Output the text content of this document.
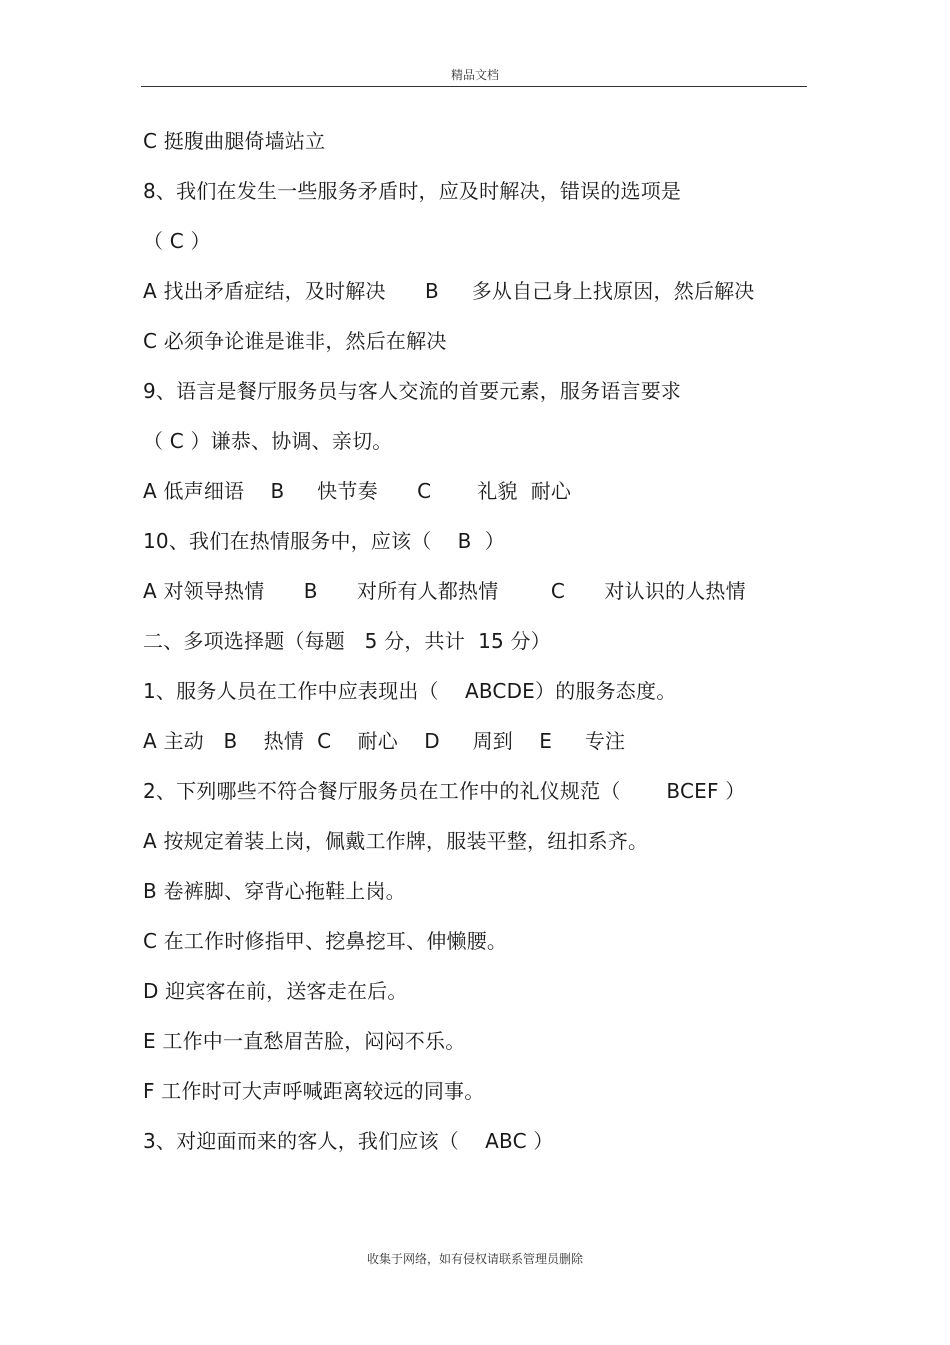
精品文档
C 挺腹曲腿倚墙站立
8、我们在发生一些服务矛盾时，应及时解决，错误的选项是
（ C ）
A 找出矛盾症结，及时解决      B     多从自己身上找原因，然后解决
C 必须争论谁是谁非，然后在解决
9、语言是餐厅服务员与客人交流的首要元素，服务语言要求
（ C ）谦恭、协调、亲切。
A 低声细语    B     快节奏      C       礼貌  耐心
10、我们在热情服务中，应该（    B  ）
A 对领导热情      B      对所有人都热情        C      对认识的人热情
二、多项选择题（每题   5 分，共计  15 分）
1、服务人员在工作中应表现出（    ABCDE）的服务态度。
A 主动   B    热情  C    耐心    D     周到    E     专注
2、下列哪些不符合餐厅服务员在工作中的礼仪规范（       BCEF ）
A 按规定着装上岗，佩戴工作牌，服装平整，纽扣系齐。
B 卷裤脚、穿背心拖鞋上岗。
C 在工作时修指甲、挖鼻挖耳、伸懒腰。
D 迎宾客在前，送客走在后。
E 工作中一直愁眉苦脸，闷闷不乐。
F 工作时可大声呼喊距离较远的同事。
3、对迎面而来的客人，我们应该（    ABC ）
收集于网络，如有侵权请联系管理员删除
